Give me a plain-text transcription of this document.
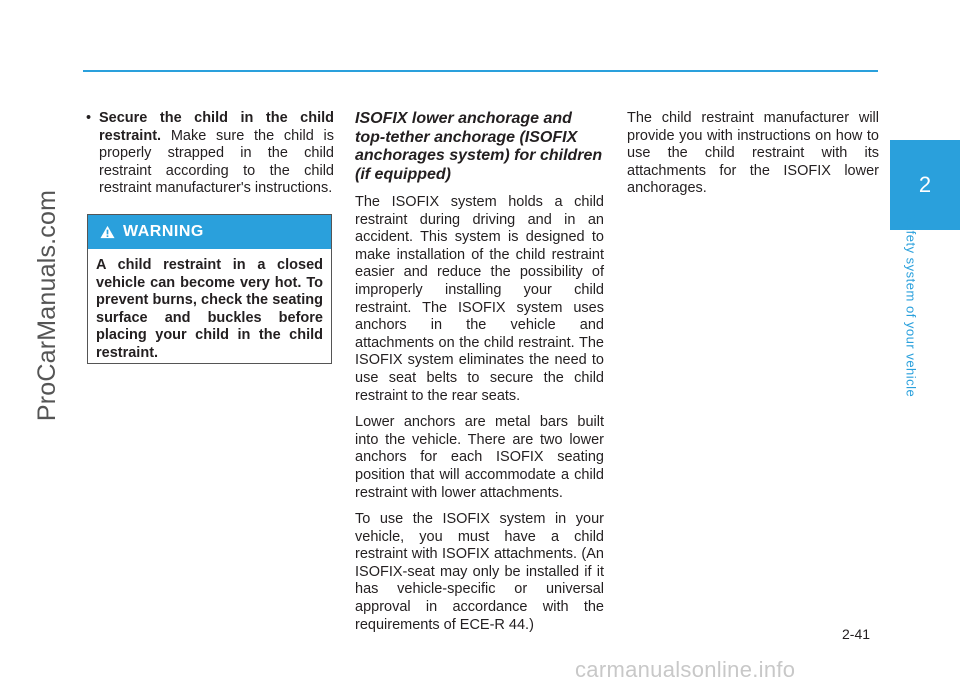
ProCarManuals.com
2
Safety system of your vehicle

• Secure the child in the child restraint. Make sure the child is properly strapped in the child restraint according to the child restraint manufacturer's instructions.

WARNING
A child restraint in a closed vehicle can become very hot. To prevent burns, check the seating surface and buckles before placing your child in the child restraint.
ISOFIX lower anchorage and top-tether anchorage (ISOFIX anchorages system) for children (if equipped)

The ISOFIX system holds a child restraint during driving and in an accident. This system is designed to make installation of the child restraint easier and reduce the possibility of improperly installing your child restraint. The ISOFIX system uses anchors in the vehicle and attachments on the child restraint. The ISOFIX system eliminates the need to use seat belts to secure the child restraint to the rear seats.

Lower anchors are metal bars built into the vehicle. There are two lower anchors for each ISOFIX seating position that will accommodate a child restraint with lower attachments.

To use the ISOFIX system in your vehicle, you must have a child restraint with ISOFIX attachments. (An ISOFIX-seat may only be installed if it has vehicle-specific or universal approval in accordance with the requirements of ECE-R 44.)

The child restraint manufacturer will provide you with instructions on how to use the child restraint with its attachments for the ISOFIX lower anchorages.

2-41
carmanualsonline.info
